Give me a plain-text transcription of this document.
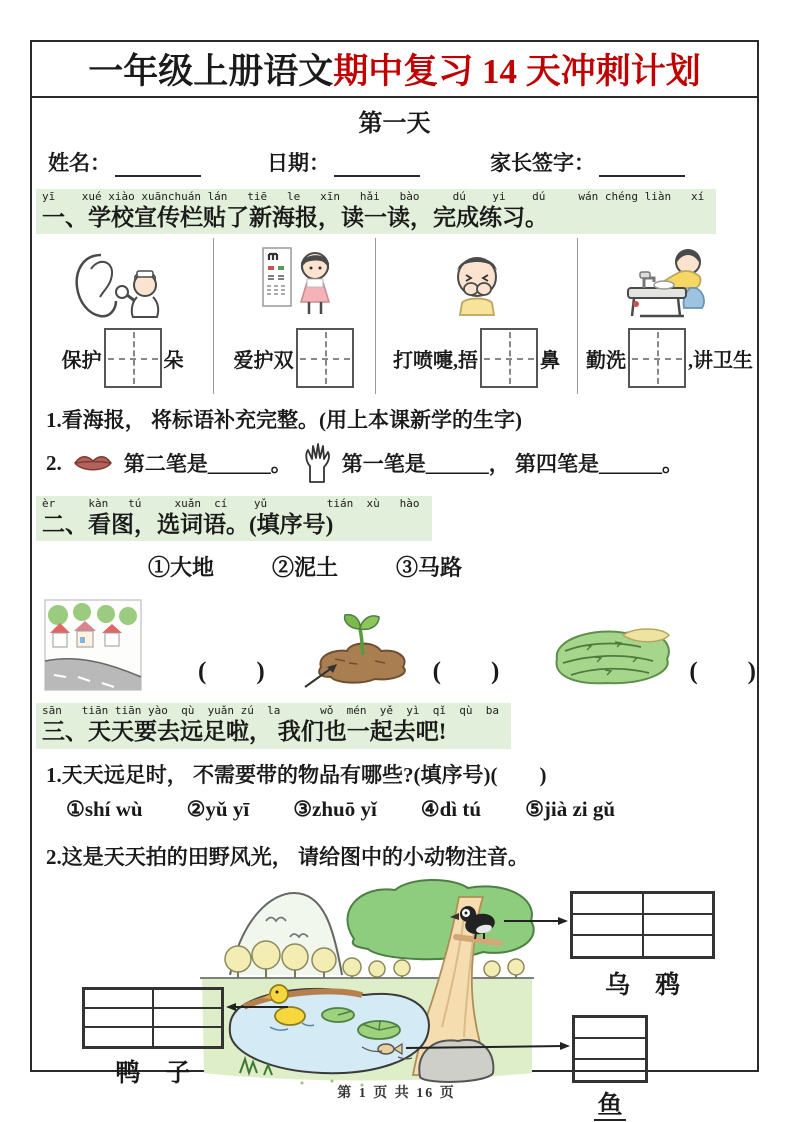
一年级上册语文 期中复习 14 天冲刺计划
第一天
姓名：	日期：	家长签字：
yī    xué xiào xuānchuán lán   tiē   le   xīn   hǎi   bào     dú    yi    dú     wán chéng liàn   xí
一、学校宣传栏贴了新海报，读一读，完成练习。
保护	朵	爱护双	打喷嚏,捂	鼻 勤洗	,讲卫生
1.看海报， 将标语补充完整。(用上本课新学的生字)
2.	第二笔是______。 第一笔是______， 第四笔是______。
èr     kàn   tú     xuǎn  cí    yǔ         tián  xù   hào
二、看图，选词语。(填序号)
①大地	②泥土	③马路
(　　)	(　　)	(　　)
sān   tiān tiān yào  qù  yuǎn zú  la      wǒ  mén  yě  yì  qǐ  qù  ba
三、天天要去远足啦， 我们也一起去吧!
1.天天远足时， 不需要带的物品有哪些?(填序号)(　　)
①shí wù ②yǔ yī ③zhuō yǐ ④dì tú ⑤jià zi gǔ
2.这是天天拍的田野风光， 请给图中的小动物注音。
乌　鸦
鸭　子
鱼
第 1 页 共 16 页
